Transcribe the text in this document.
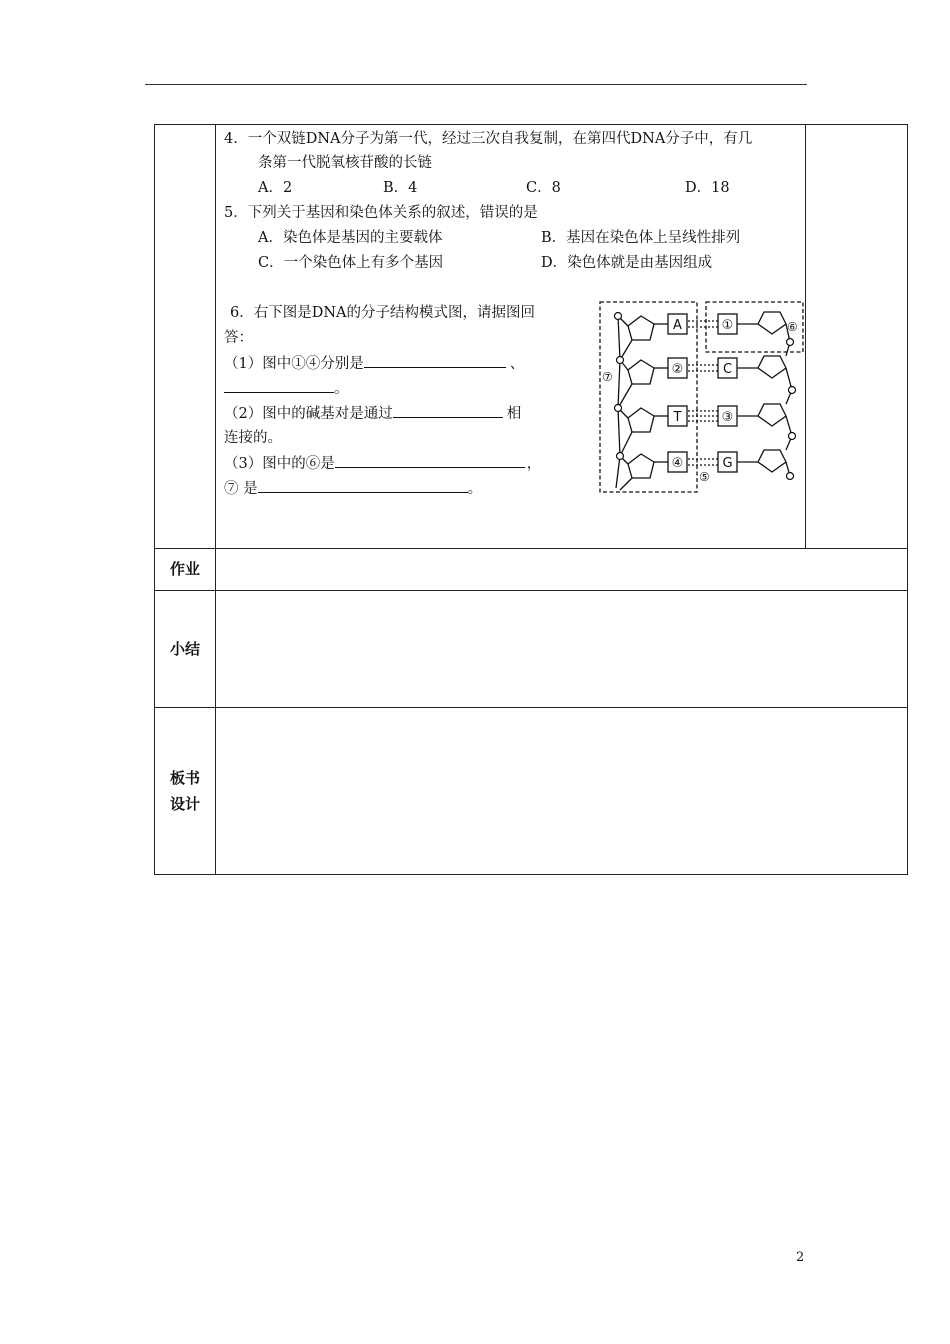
4．一个双链DNA分子为第一代，经过三次自我复制，在第四代DNA分子中，有几
条第一代脱氧核苷酸的长链
A．2	B．4	C．8	D．18
5．下列关于基因和染色体关系的叙述，错误的是
A．染色体是基因的主要载体	B．基因在染色体上呈线性排列
C．一个染色体上有多个基因	D．染色体就是由基因组成
6．右下图是DNA的分子结构模式图，请据图回
答：
（1）图中①④分别是	、
。
（2）图中的碱基对是通过	相
连接的。
（3）图中的⑥是	，
⑦ 是	。
A
②
T
④
①
C
③
G
⑥
⑦
⑤
作业
小结
板书
设计
2
